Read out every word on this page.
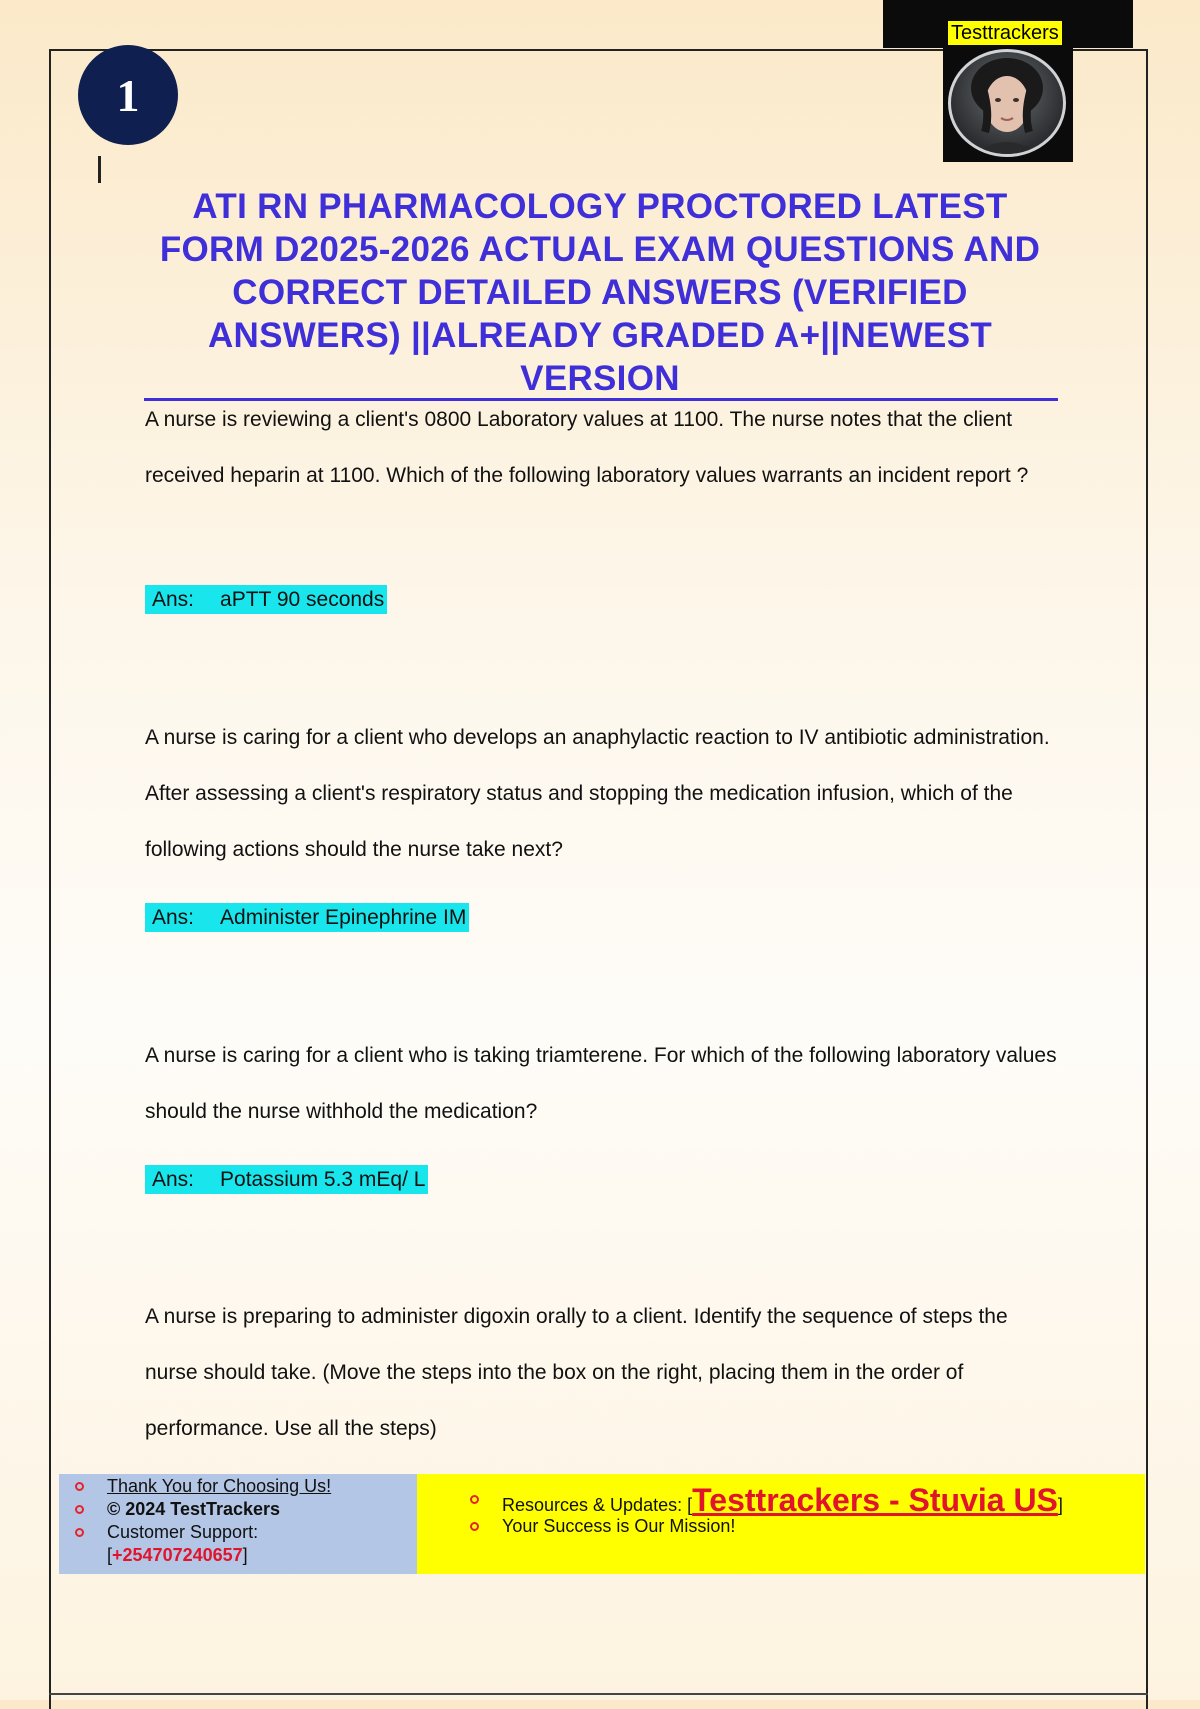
Testtrackers
1
ATI RN PHARMACOLOGY PROCTORED LATEST FORM D2025-2026 ACTUAL EXAM QUESTIONS AND CORRECT DETAILED ANSWERS (VERIFIED ANSWERS) ||ALREADY GRADED A+||NEWEST VERSION

A nurse is reviewing a client's 0800 Laboratory values at 1100. The nurse notes that the client received heparin at 1100. Which of the following laboratory values warrants an incident report ?

Ans: aPTT 90 seconds

A nurse is caring for a client who develops an anaphylactic reaction to IV antibiotic administration. After assessing a client's respiratory status and stopping the medication infusion, which of the following actions should the nurse take next?

Ans: Administer Epinephrine IM

A nurse is caring for a client who is taking triamterene. For which of the following laboratory values should the nurse withhold the medication?

Ans: Potassium 5.3 mEq/ L

A nurse is preparing to administer digoxin orally to a client. Identify the sequence of steps the nurse should take. (Move the steps into the box on the right, placing them in the order of performance. Use all the steps)

Thank You for Choosing Us!
© 2024 TestTrackers
Customer Support:
[+254707240657]
Resources & Updates: [Testtrackers - Stuvia US]
Your Success is Our Mission!
